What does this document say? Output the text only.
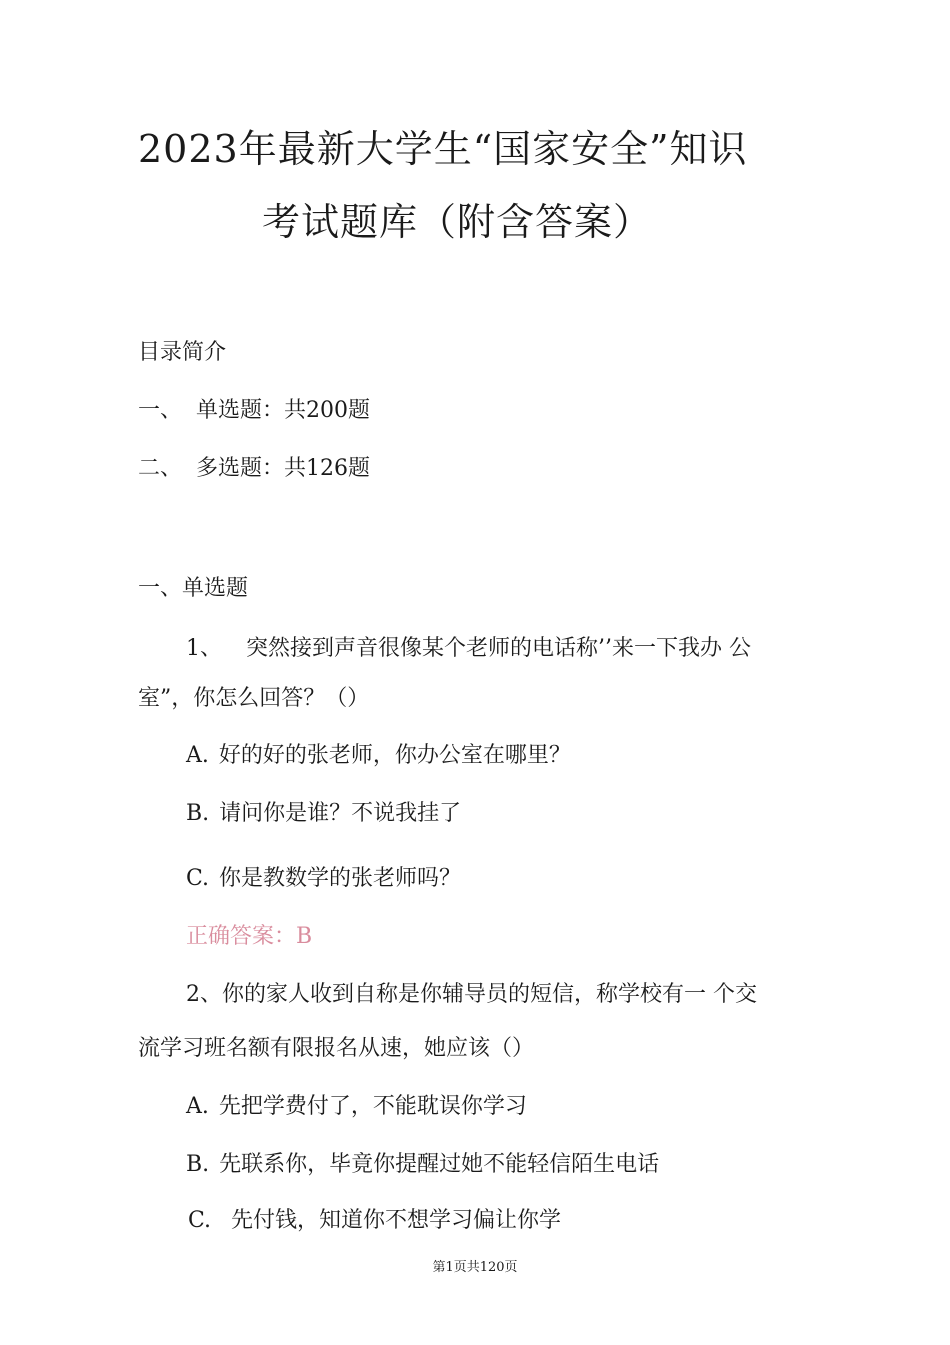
2023年最新大学生“国家安全”知识
考试题库（附含答案）
目录简介
一、 单选题：共200题
二、 多选题：共126题
一、单选题
1、 突然接到声音很像某个老师的电话称’’来一下我办 公
室”，你怎么回答？（）
A. 好的好的张老师，你办公室在哪里？
B. 请问你是谁？不说我挂了
C. 你是教数学的张老师吗？
正确答案：B
2、你的家人收到自称是你辅导员的短信，称学校有一 个交
流学习班名额有限报名从速，她应该（）
A. 先把学费付了，不能耽误你学习
B. 先联系你，毕竟你提醒过她不能轻信陌生电话
C. 先付钱，知道你不想学习偏让你学
第1页共120页
